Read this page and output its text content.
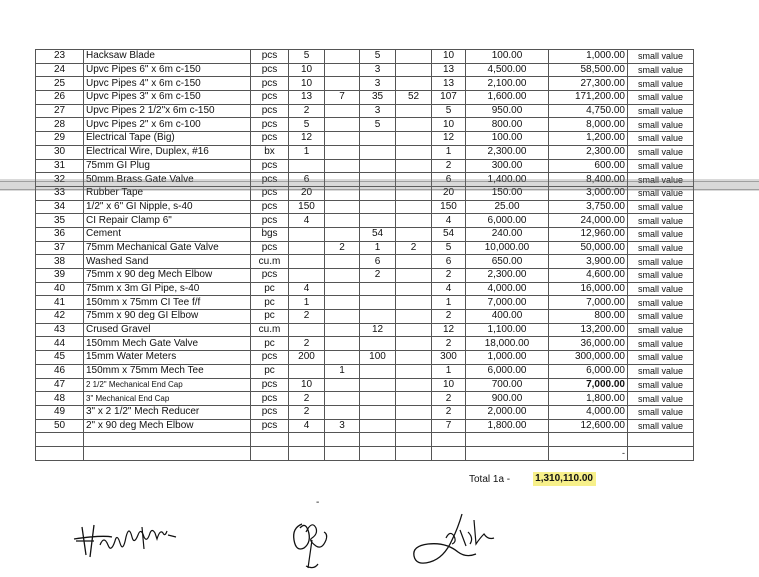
23	Hacksaw Blade	pcs	5		5		10	100.00	1,000.00	small value
24	Upvc Pipes 6" x 6m c-150	pcs	10		3		13	4,500.00	58,500.00	small value
25	Upvc Pipes 4" x 6m c-150	pcs	10		3		13	2,100.00	27,300.00	small value
26	Upvc Pipes 3" x 6m c-150	pcs	13	7	35	52	107	1,600.00	171,200.00	small value
27	Upvc Pipes 2 1/2"x 6m c-150	pcs	2		3		5	950.00	4,750.00	small value
28	Upvc Pipes 2" x 6m c-100	pcs	5		5		10	800.00	8,000.00	small value
29	Electrical Tape (Big)	pcs	12				12	100.00	1,200.00	small value
30	Electrical Wire, Duplex, #16	bx	1				1	2,300.00	2,300.00	small value
31	75mm GI Plug	pcs					2	300.00	600.00	small value
32	50mm Brass Gate Valve	pcs	6				6	1,400.00	8,400.00	small value
33	Rubber Tape	pcs	20				20	150.00	3,000.00	small value
34	1/2" x 6" GI Nipple, s-40	pcs	150				150	25.00	3,750.00	small value
35	CI Repair Clamp 6"	pcs	4				4	6,000.00	24,000.00	small value
36	Cement	bgs			54		54	240.00	12,960.00	small value
37	75mm Mechanical Gate Valve	pcs		2	1	2	5	10,000.00	50,000.00	small value
38	Washed Sand	cu.m			6		6	650.00	3,900.00	small value
39	75mm x 90 deg Mech Elbow	pcs			2		2	2,300.00	4,600.00	small value
40	75mm x 3m GI Pipe, s-40	pc	4				4	4,000.00	16,000.00	small value
41	150mm x 75mm CI Tee f/f	pc	1				1	7,000.00	7,000.00	small value
42	75mm x 90 deg GI Elbow	pc	2				2	400.00	800.00	small value
43	Crused Gravel	cu.m			12		12	1,100.00	13,200.00	small value
44	150mm Mech Gate Valve	pc	2				2	18,000.00	36,000.00	small value
45	15mm Water Meters	pcs	200		100		300	1,000.00	300,000.00	small value
46	150mm x 75mm Mech Tee	pc		1			1	6,000.00	6,000.00	small value
47	2 1/2" Mechanical End Cap	pcs	10				10	700.00	7,000.00	small value
48	3" Mechanical End Cap	pcs	2				2	900.00	1,800.00	small value
49	3" x 2 1/2" Mech Reducer	pcs	2				2	2,000.00	4,000.00	small value
50	2" x 90 deg Mech Elbow	pcs	4	3			7	1,800.00	12,600.00	small value

									-	
Total 1a -	1,310,110.00
-
